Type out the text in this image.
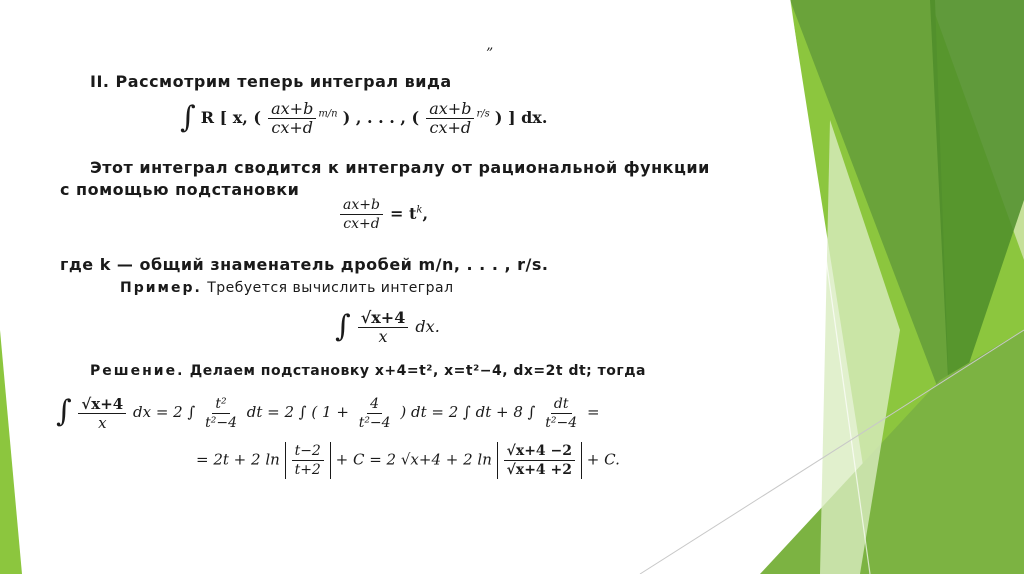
”
II. Рассмотрим теперь интеграл вида
∫ R [ x, ( $\frac{ax+b}{cx+d} ^{m/n}$ ) , . . . , ( $\frac{ax+b}{cx+d} ^{r/s}$ ) ] dx.
Этот интеграл сводится к интегралу от рациональной функции
с помощью подстановки
$\frac{ax+b}{cx+d} = t^k$,
где k — общий знаменатель дробей m/n, . . . , r/s.
Пример. Требуется вычислить интеграл
∫ $\frac{√x+4}{x}$ dx.
Решение. Делаем подстановку x+4=t², x=t²−4, dx=2t dt; тогда
∫ $\frac{√x+4}{x}$ dx = 2 ∫ $\frac{\text{t²}}{\text{t²−4}}$ dt = 2 ∫ ( $1 + \frac{4}{\text{t²−4}}$ ) dt = 2 ∫ dt + 8 ∫ $\frac{dt}{\text{t²−4}}$ =
= 2t + 2 $\ln \frac{t-2}{t+2} + C = 2$ √x+4 + 2 $\ln \frac{√x+4 -2}{√x+4 +2} + C$.
